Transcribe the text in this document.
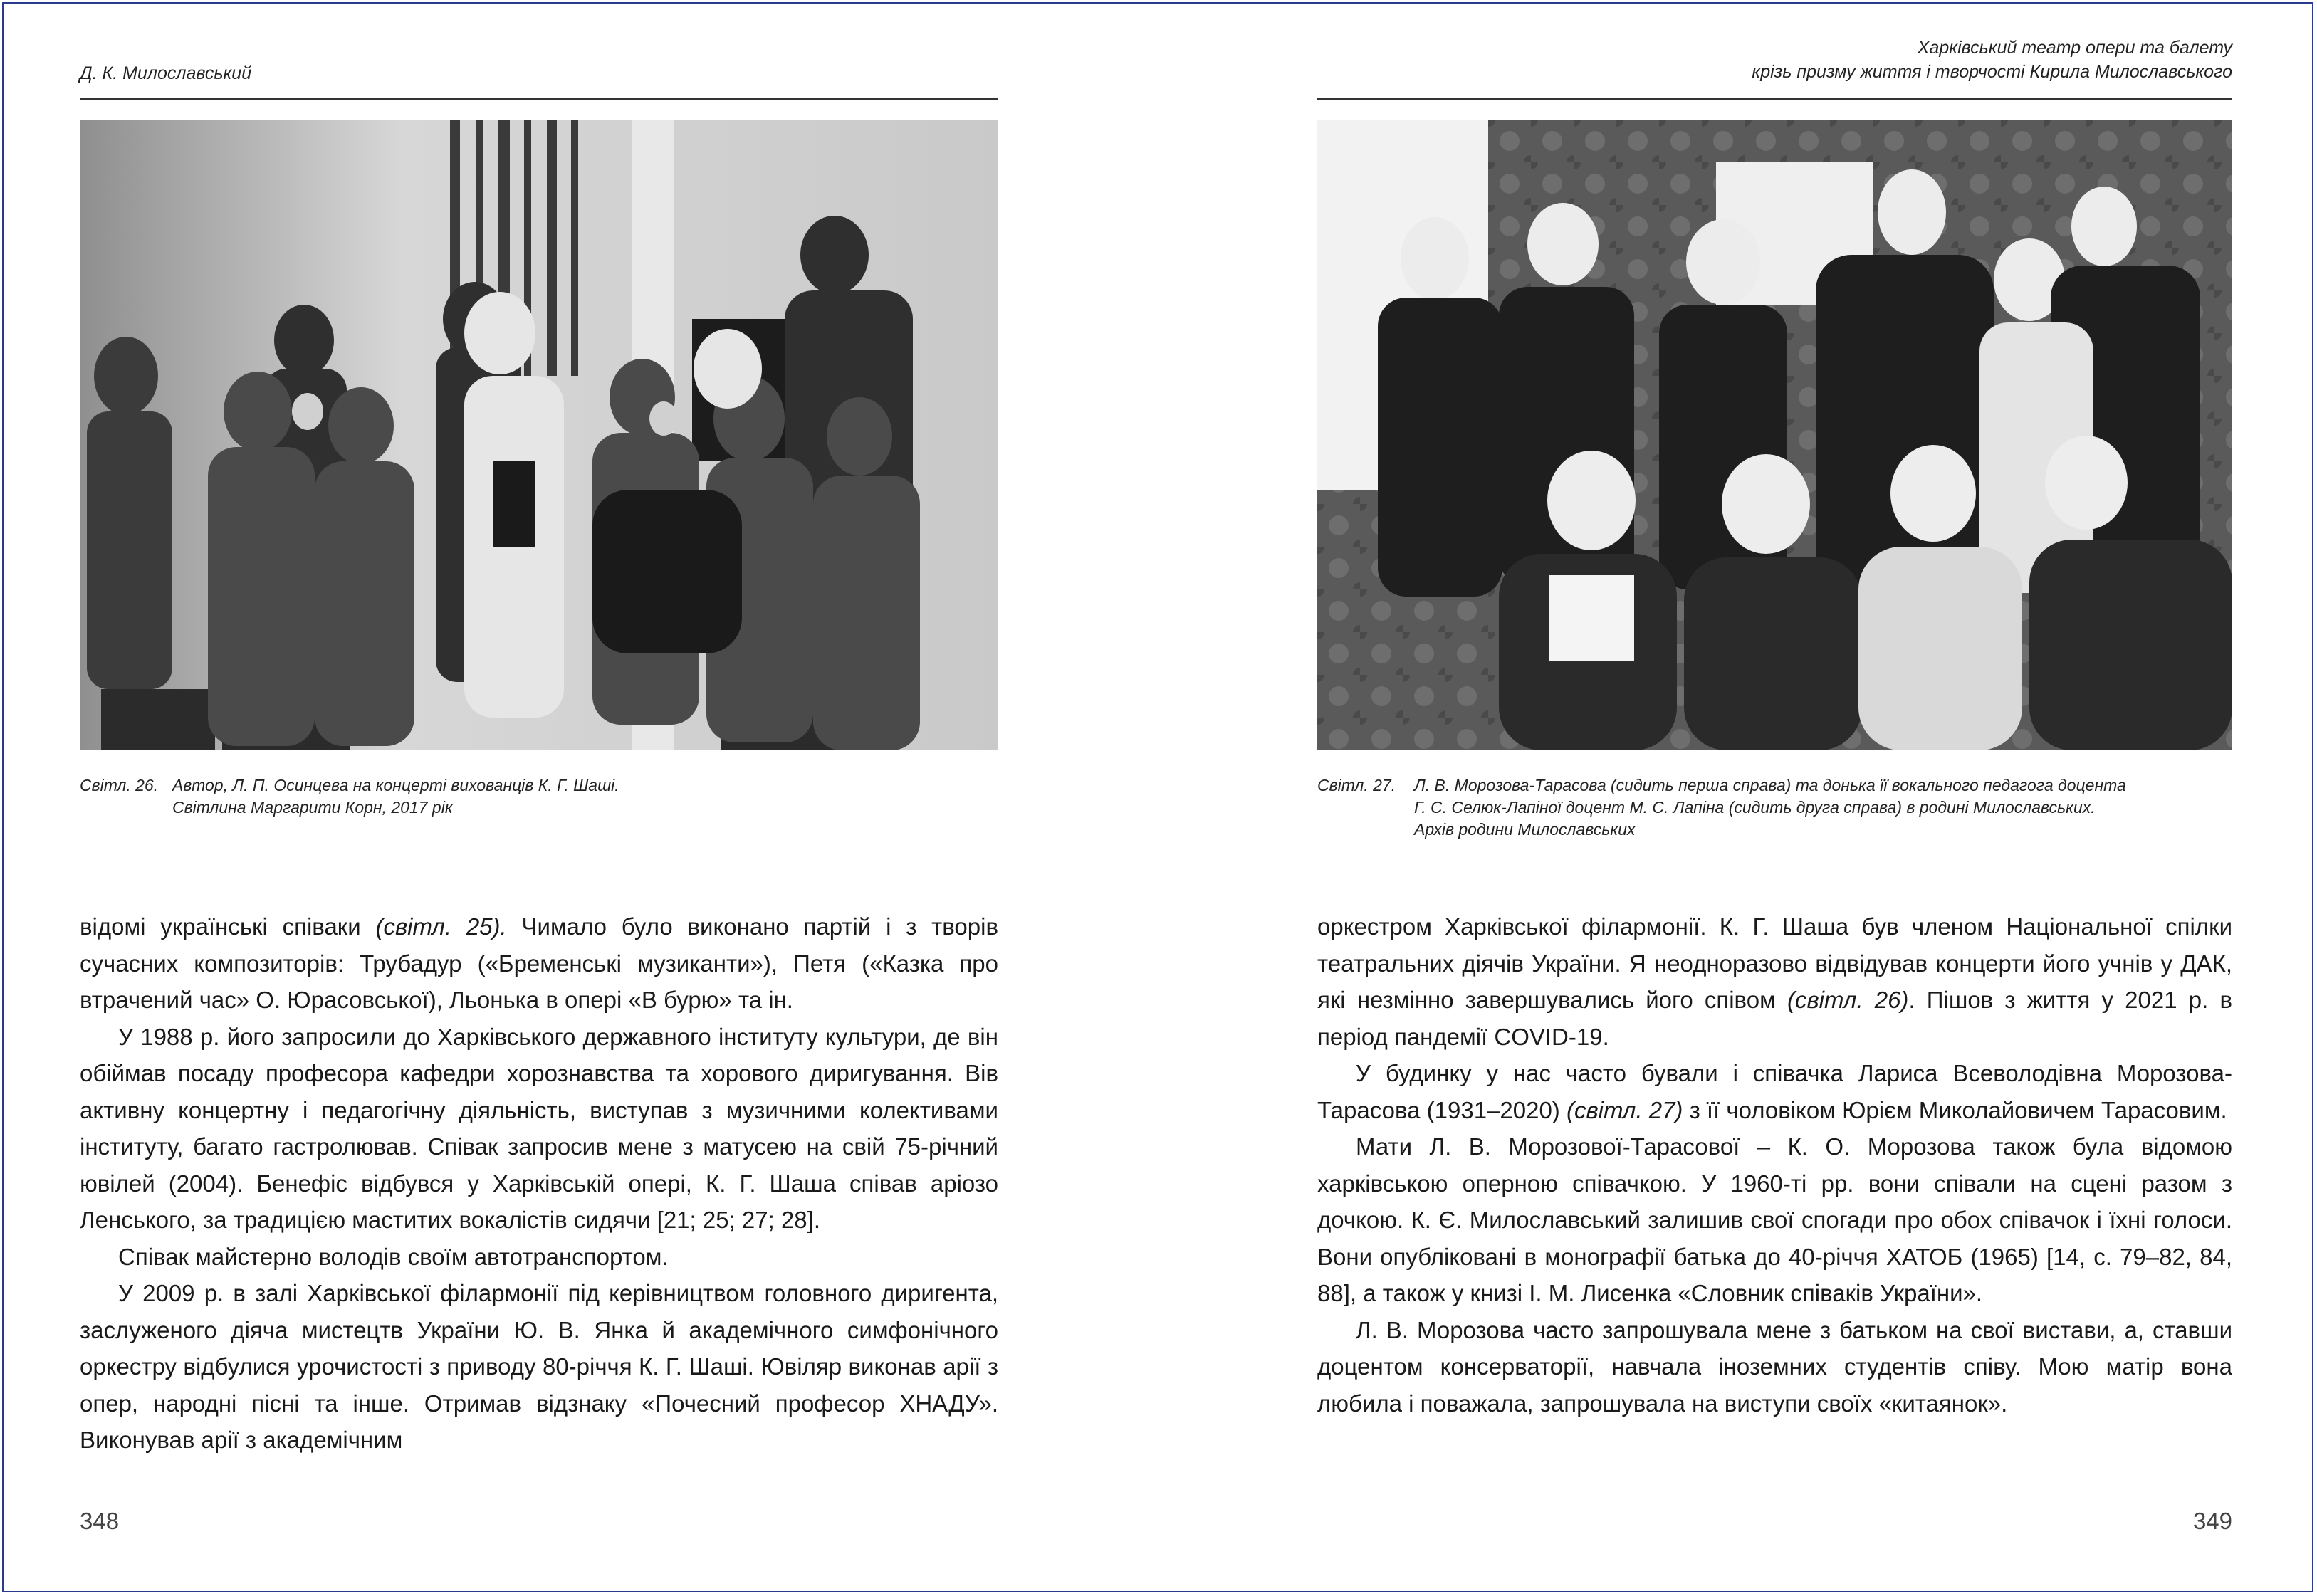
Д. К. Милославський
Світл. 26. Автор, Л. П. Осинцева на концерті вихованців К. Г. Шаші.
Світлина Маргарити Корн, 2017 рік

відомі українські співаки (світл. 25). Чимало було виконано партій і з творів сучасних композиторів: Трубадур («Бременські музиканти»), Петя («Казка про втрачений час» О. Юрасовської), Льонька в опері «В бурю» та ін.

У 1988 р. його запросили до Харківського державного інституту культури, де він обіймав посаду професора кафедри хорознавства та хорового диригування. Вів активну концертну і педагогічну діяльність, виступав з музичними колективами інституту, багато гастролював. Співак запросив мене з матусею на свій 75-річний ювілей (2004). Бенефіс відбувся у Харківській опері, К. Г. Шаша співав аріозо Ленського, за традицією маститих вокалістів сидячи [21; 25; 27; 28].

Співак майстерно володів своїм автотранспортом.

У 2009 р. в залі Харківської філармонії під керівництвом головного диригента, заслуженого діяча мистецтв України Ю. В. Янка й академічного симфонічного оркестру відбулися урочистості з приводу 80-річчя К. Г. Шаші. Ювіляр виконав арії з опер, народні пісні та інше. Отримав відзнаку «Почесний професор ХНАДУ». Виконував арії з академічним

348
Харківський театр опери та балету
крізь призму життя і творчості Кирила Милославського
Світл. 27. Л. В. Морозова-Тарасова (сидить перша справа) та донька її вокального педагога доцента
Г. С. Селюк-Лапіної доцент М. С. Лапіна (сидить друга справа) в родині Милославських.
Архів родини Милославських

оркестром Харківської філармонії. К. Г. Шаша був членом Національної спілки театральних діячів України. Я неодноразово відвідував концерти його учнів у ДАК, які незмінно завершувались його співом (світл. 26). Пішов з життя у 2021 р. в період пандемії COVID-19.

У будинку у нас часто бували і співачка Лариса Всеволодівна Морозова-Тарасова (1931–2020) (світл. 27) з її чоловіком Юрієм Миколайовичем Тарасовим.

Мати Л. В. Морозової-Тарасової – К. О. Морозова також була відомою харківською оперною співачкою. У 1960-ті рр. вони співали на сцені разом з дочкою. К. Є. Милославський залишив свої спогади про обох співачок і їхні голоси. Вони опубліковані в монографії батька до 40-річчя ХАТОБ (1965) [14, с. 79–82, 84, 88], а також у книзі І. М. Лисенка «Словник співаків України».

Л. В. Морозова часто запрошувала мене з батьком на свої вистави, а, ставши доцентом консерваторії, навчала іноземних студентів співу. Мою матір вона любила і поважала, запрошувала на виступи своїх «китаянок».

349
